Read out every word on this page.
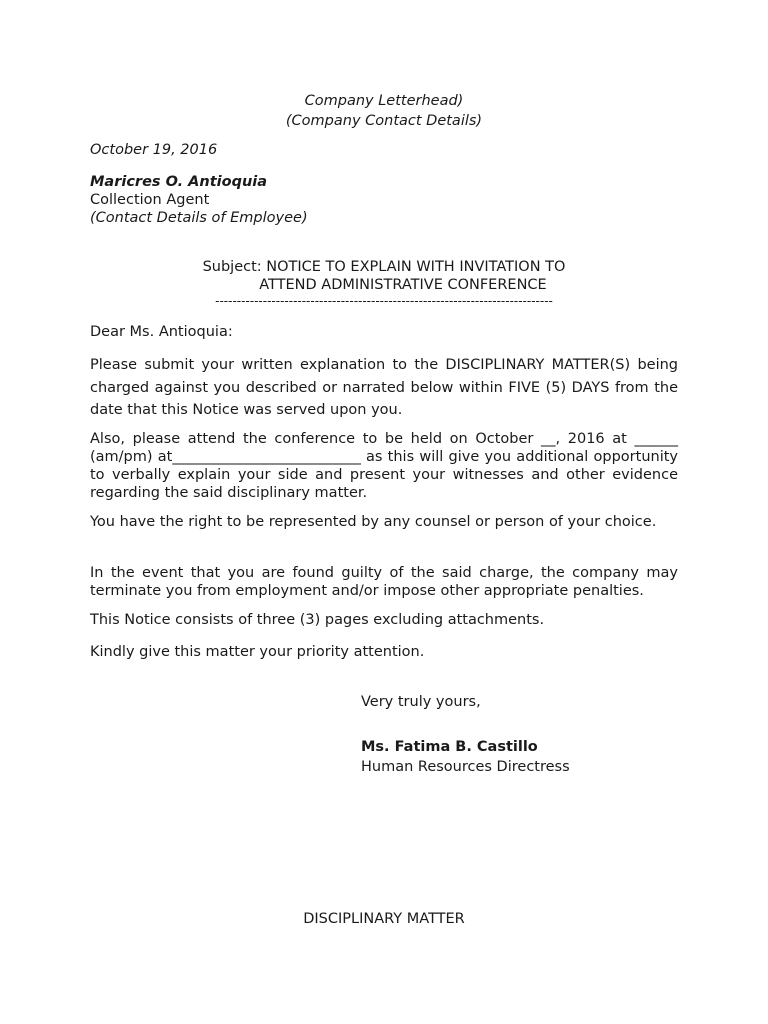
Company Letterhead)
(Company Contact Details)
October 19, 2016
Maricres O. Antioquia
Collection Agent
(Contact Details of Employee)
Subject: NOTICE TO EXPLAIN WITH INVITATION TO
ATTEND ADMINISTRATIVE CONFERENCE
------------------------------------------------------------------------------
Dear Ms. Antioquia:
Please submit your written explanation to the DISCIPLINARY MATTER(S) being charged against you described or narrated below within FIVE (5) DAYS from the date that this Notice was served upon you.
Also, please attend the conference to be held on October __, 2016 at ______ (am/pm) at__________________________ as this will give you additional opportunity to verbally explain your side and present your witnesses and other evidence regarding the said disciplinary matter.
You have the right to be represented by any counsel or person of your choice.
In the event that you are found guilty of the said charge, the company may terminate you from employment and/or impose other appropriate penalties.
This Notice consists of three (3) pages excluding attachments.
Kindly give this matter your priority attention.
Very truly yours,
Ms. Fatima B. Castillo
Human Resources Directress
DISCIPLINARY MATTER
